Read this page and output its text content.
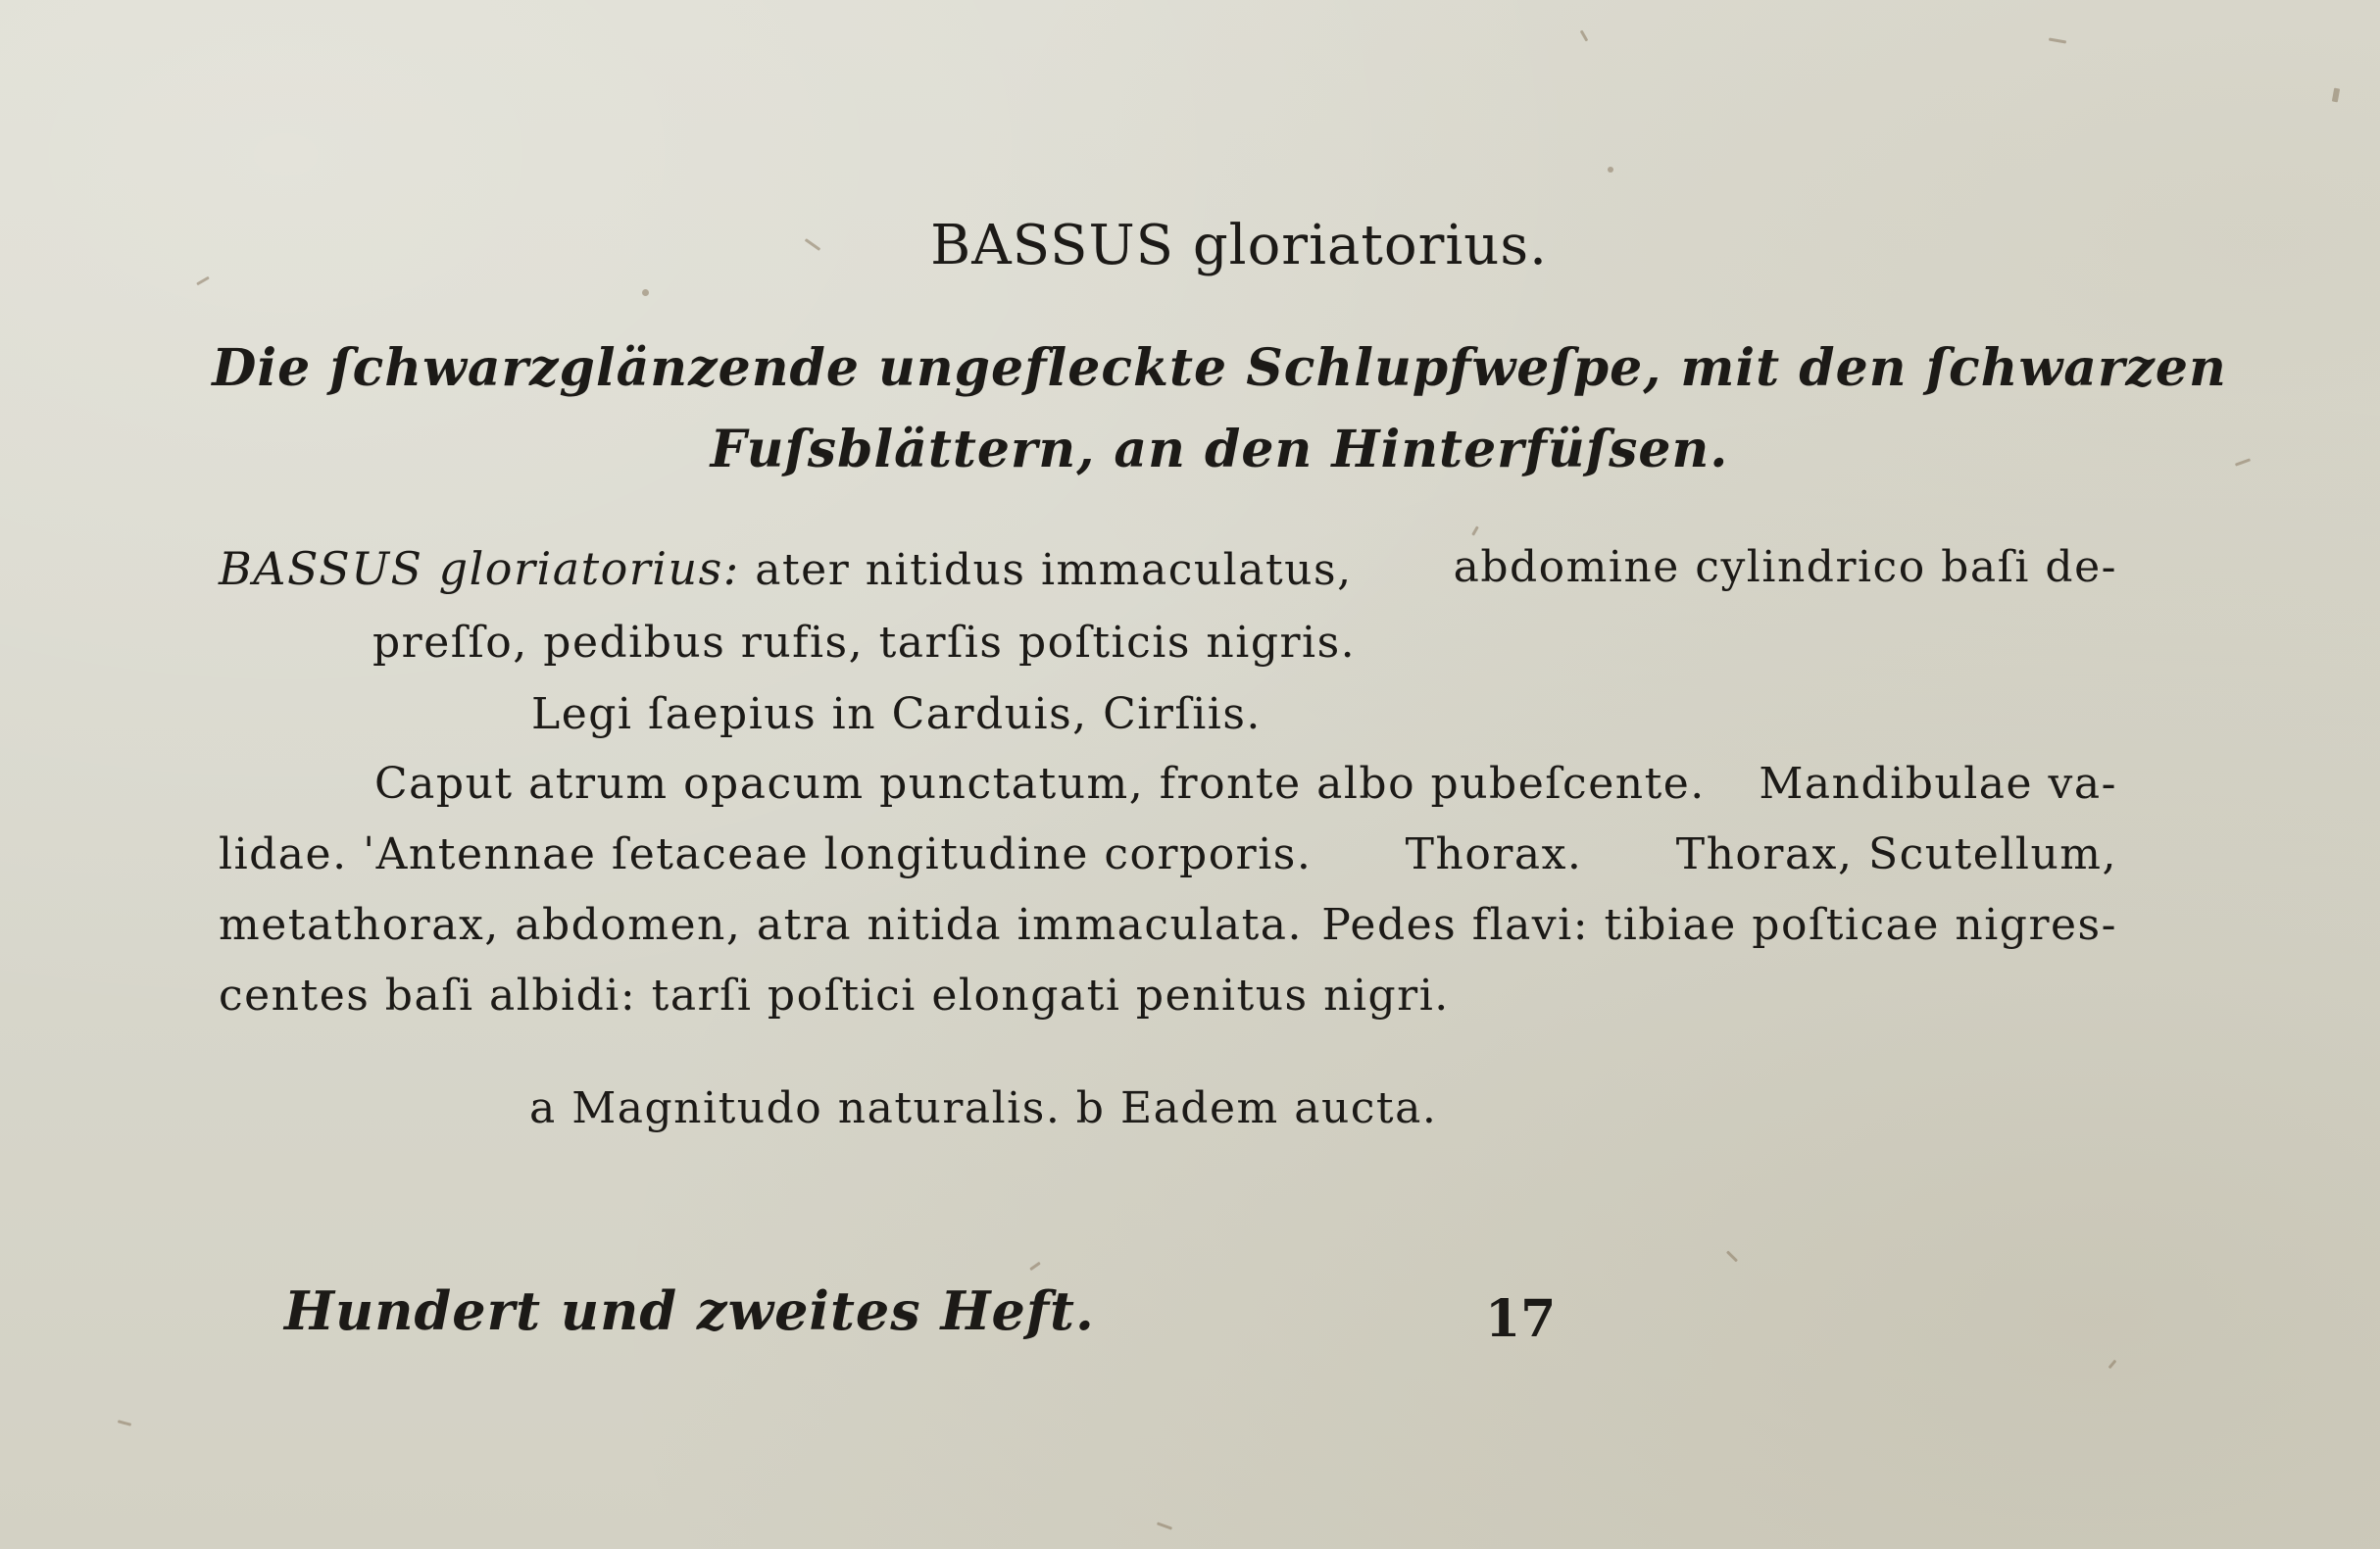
BASSUS gloriatorius.

Die ſchwarzglänzende ungefleckte Schlupfweſpe, mit den ſchwarzen

Fuſsblättern, an den Hinterfüſsen.

BASSUS gloriatorius: ater nitidus immaculatus, abdomine cylindrico baſi de-

preſſo, pedibus rufis, tarſis poſticis nigris.

Legi ſaepius in Carduis, Cirſiis.

Caput atrum opacum punctatum, fronte albo pubeſcente. Mandibulae va-
lidae. ˈAntennae ſetaceae longitudine corporis. Thorax. Thorax, Scutellum,
metathorax, abdomen, atra nitida immaculata. Pedes flavi: tibiae poſticae nigres-

centes baſi albidi: tarſi poſtici elongati penitus nigri.

a Magnitudo naturalis. b Eadem aucta.

Hundert und zweites Heft.	17
